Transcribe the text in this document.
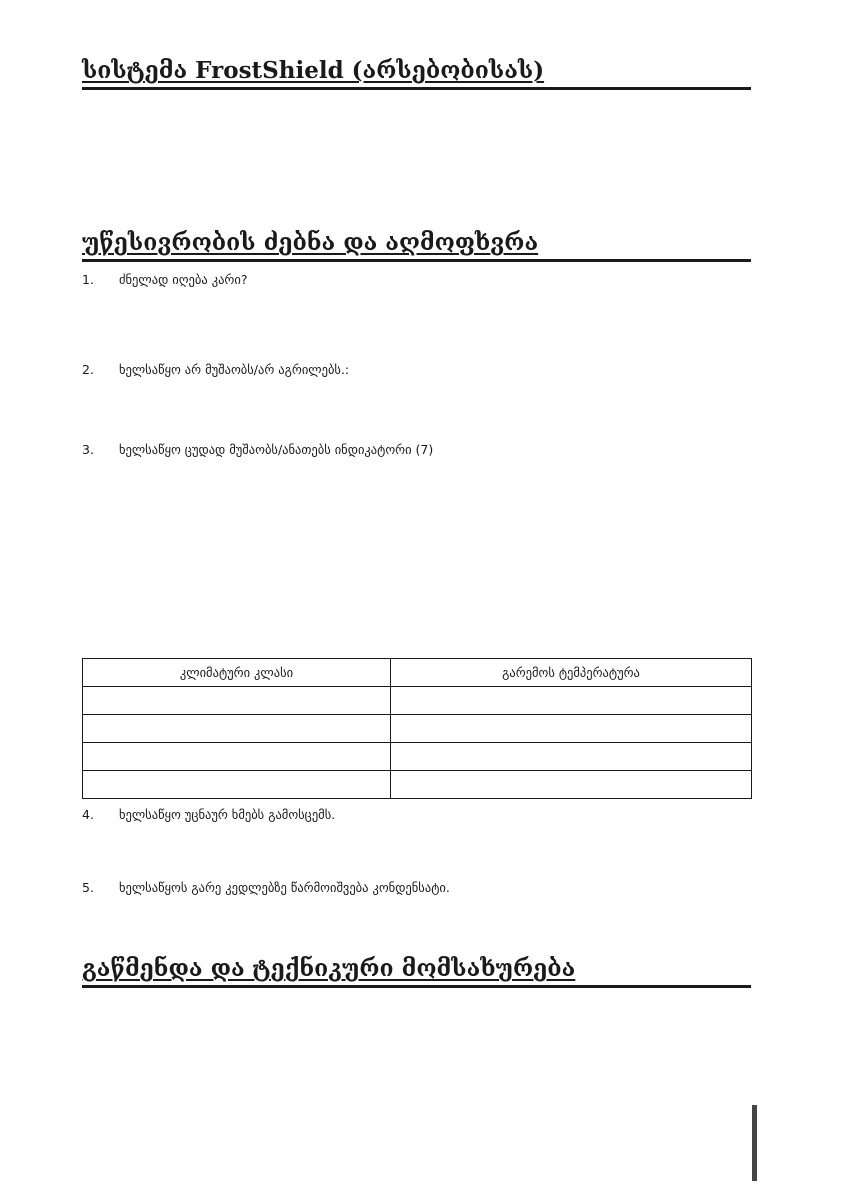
სისტემა FrostShield (არსებობისას)
უწესივრობის ძებნა და აღმოფხვრა
1. ძნელად იღება კარი?
2. ხელსაწყო არ მუშაობს/არ აგრილებს.:
3. ხელსაწყო ცუდად მუშაობს/ანათებს ინდიკატორი (7)
კლიმატური კლასი	გარემოს ტემპერატურა

4. ხელსაწყო უცნაურ ხმებს გამოსცემს.
5. ხელსაწყოს გარე კედლებზე წარმოიშვება კონდენსატი.
გაწმენდა და ტექნიკური მომსახურება
